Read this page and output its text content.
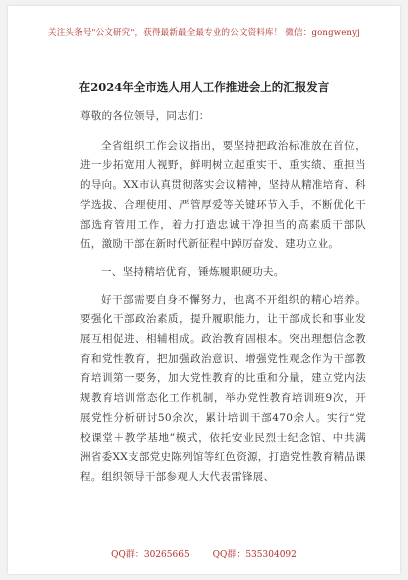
关注头条号"公文研究"，获得最新最全最专业的公文资料库！ 微信：gongwenyj
在2024年全市选人用人工作推进会上的汇报发言

尊敬的各位领导，同志们：

全省组织工作会议指出，要坚持把政治标准放在首位，进一步拓宽用人视野，鲜明树立起重实干、重实绩、重担当的导向。XX市认真贯彻落实会议精神，坚持从精准培育、科学选拔、合理使用、严管厚爱等关键环节入手，不断优化干部选育管用工作，着力打造忠诚干净担当的高素质干部队伍，激励干部在新时代新征程中踔厉奋发、建功立业。

一、坚持精培优育，锤炼履职硬功夫。

好干部需要自身不懈努力，也离不开组织的精心培养。要强化干部政治素质，提升履职能力，让干部成长和事业发展互相促进、相辅相成。政治教育固根本。突出理想信念教育和党性教育，把加强政治意识、增强党性观念作为干部教育培训第一要务，加大党性教育的比重和分量，建立党内法规教育培训常态化工作机制，举办党性教育培训班9次，开展党性分析研讨50余次，累计培训干部470余人。实行“党校课堂＋教学基地”模式，依托安业民烈士纪念馆、中共满洲省委XX支部党史陈列馆等红色资源，打造党性教育精品课程。组织领导干部参观人大代表雷锋展、

QQ群：30265665	QQ群：535304092
